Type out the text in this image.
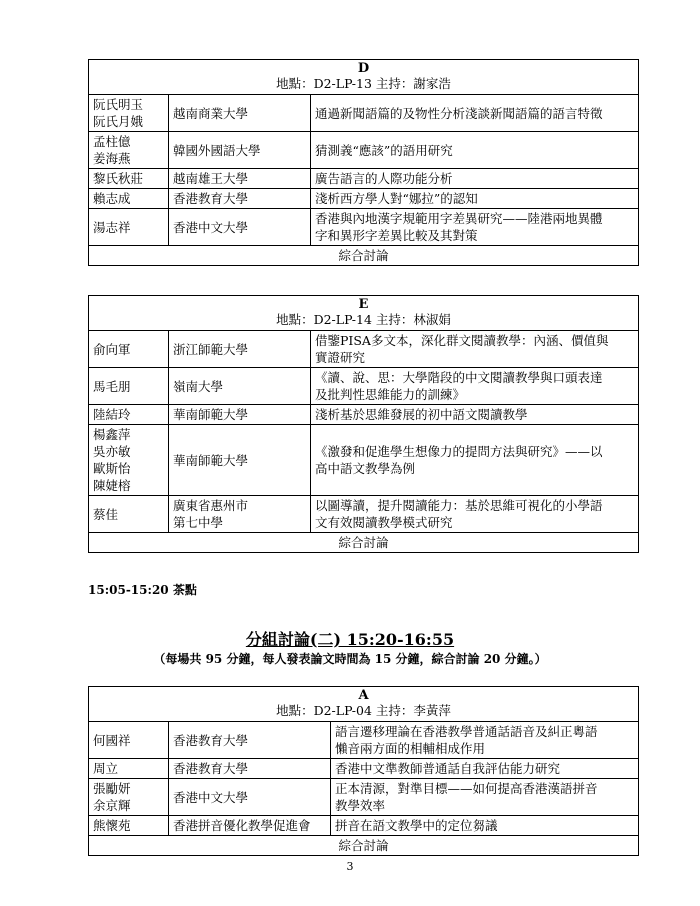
D
地點：D2-LP-13 主持：謝家浩		

阮氏明玉
阮氏月娥	越南商業大學	通過新聞語篇的及物性分析淺談新聞語篇的語言特徵

孟柱億
姜海燕	韓國外國語大學	猜測義“應該”的語用研究

黎氏秋莊	越南雄王大學	廣告語言的人際功能分析

賴志成	香港教育大學	淺析西方學人對“娜拉”的認知

湯志祥	香港中文大學	香港與內地漢字規範用字差異研究——陸港兩地異體
字和異形字差異比較及其對策

綜合討論		
E
地點：D2-LP-14 主持：林淑娟		

俞向軍	浙江師範大學	借鑒PISA多文本，深化群文閱讀教學：內涵、價值與
實證研究

馬毛朋	嶺南大學	《讀、說、思：大學階段的中文閱讀教學與口頭表達
及批判性思維能力的訓練》

陸結玲	華南師範大學	淺析基於思維發展的初中語文閱讀教學

楊鑫萍
吳亦敏
歐斯怡
陳婕榕	華南師範大學	《激發和促進學生想像力的提問方法與研究》——以
高中語文教學為例

蔡佳	廣東省惠州市
第七中學	以圖導讀，提升閱讀能力：基於思維可視化的小學語
文有效閱讀教學模式研究

綜合討論		
15:05-15:20 茶點
分組討論(二) 15:20-16:55
（每場共 95 分鐘，每人發表論文時間為 15 分鐘，綜合討論 20 分鐘。）
A
地點：D2-LP-04 主持：李黃萍		

何國祥	香港教育大學	語言遷移理論在香港教學普通話語音及糾正粵語
懶音兩方面的相輔相成作用

周立	香港教育大學	香港中文準教師普通話自我評估能力研究

張勵妍
余京輝	香港中文大學	正本清源，對準目標——如何提高香港漢語拼音
教學效率

熊懷苑	香港拼音優化教學促進會	拼音在語文教學中的定位芻議

綜合討論		
3
